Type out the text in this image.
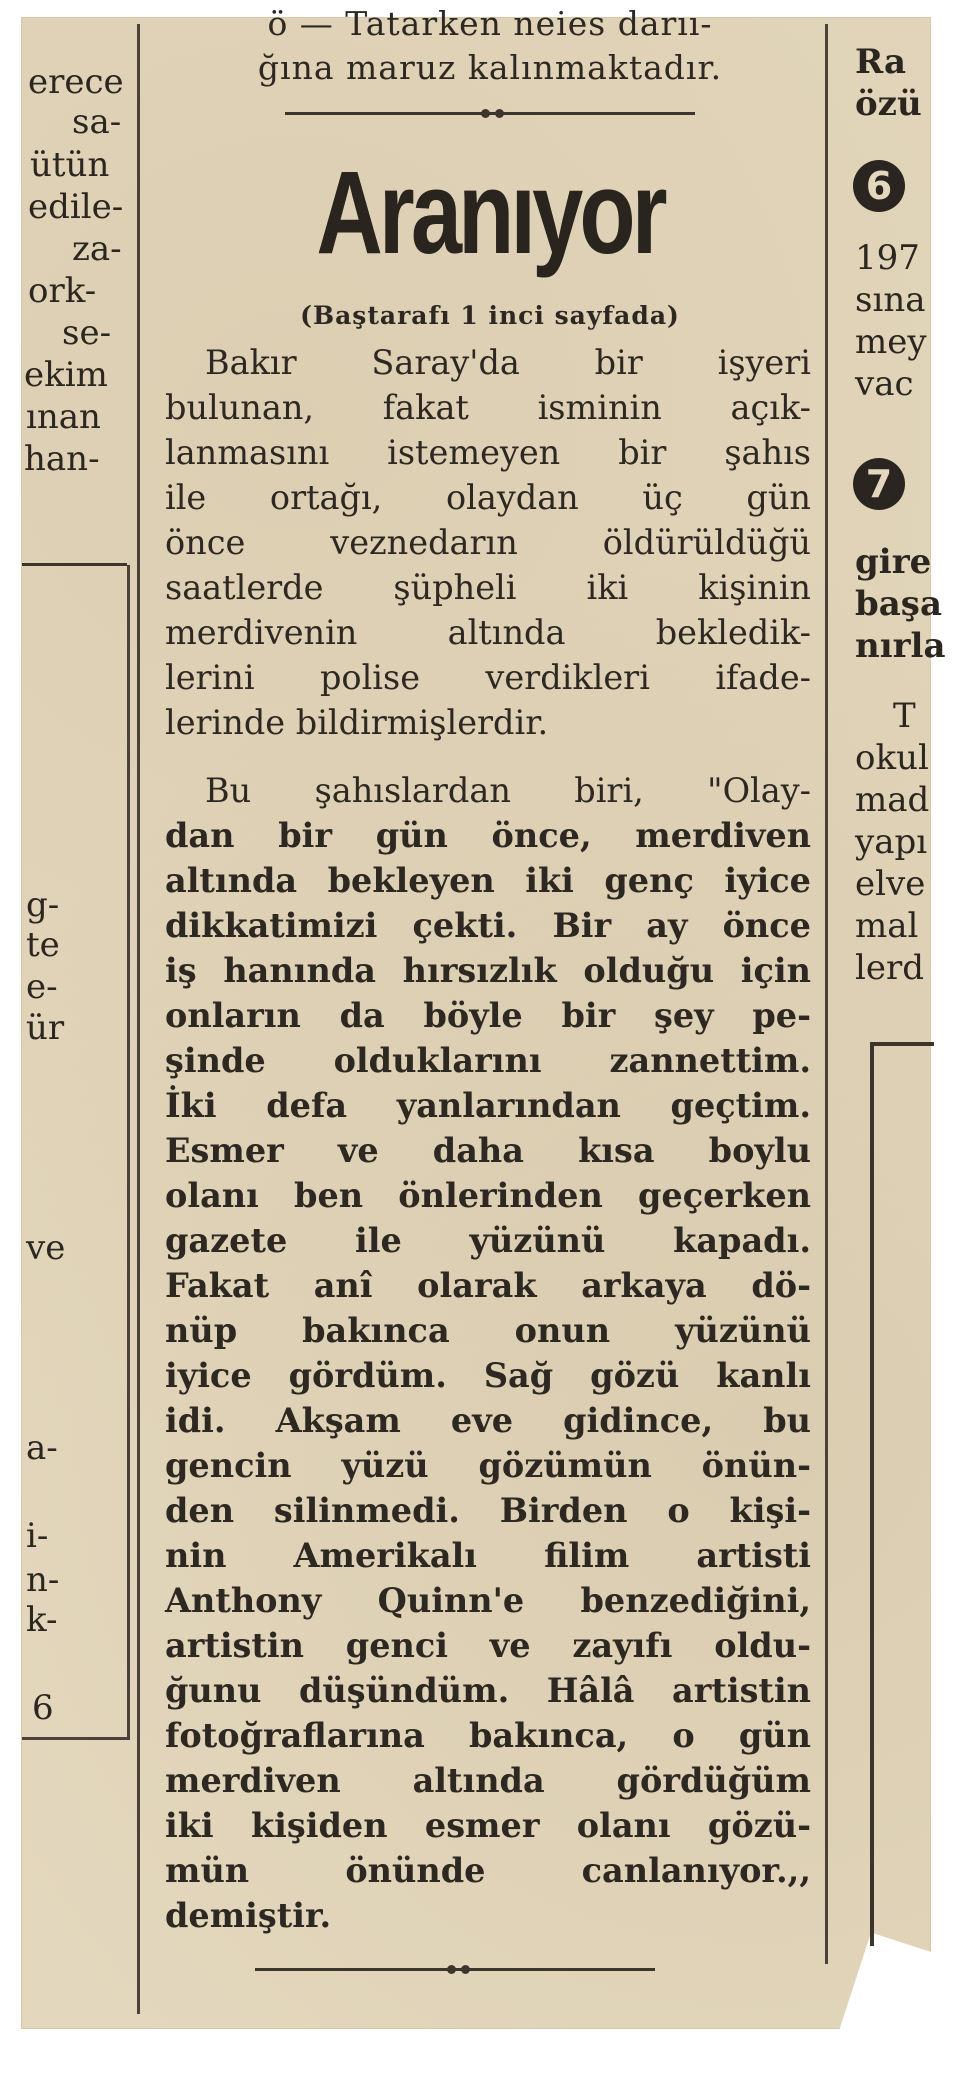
erece
sa-
ütün
edile-
za-
ork-
se-
ekim
ınan
han-
g-
te
e-
ür
ve
a-
i-
n-
k-
6
ö — Tatarken neies darıı-
ğına maruz kalınmaktadır.
Aranıyor
(Baştarafı 1 inci sayfada)
Bakır Saray'da bir işyeri
bulunan, fakat isminin açık-
lanmasını istemeyen bir şahıs
ile ortağı, olaydan üç gün
önce veznedarın öldürüldüğü
saatlerde şüpheli iki kişinin
merdivenin altında bekledik-
lerini polise verdikleri ifade-
lerinde bildirmişlerdir.
Bu şahıslardan biri, "Olay-
dan bir gün önce, merdiven
altında bekleyen iki genç iyice
dikkatimizi çekti. Bir ay önce
iş hanında hırsızlık olduğu için
onların da böyle bir şey pe-
şinde olduklarını zannettim.
İki defa yanlarından geçtim.
Esmer ve daha kısa boylu
olanı ben önlerinden geçerken
gazete ile yüzünü kapadı.
Fakat anî olarak arkaya dö-
nüp bakınca onun yüzünü
iyice gördüm. Sağ gözü kanlı
idi. Akşam eve gidince, bu
gencin yüzü gözümün önün-
den silinmedi. Birden o kişi-
nin Amerikalı filim artisti
Anthony Quinn'e benzediğini,
artistin genci ve zayıfı oldu-
ğunu düşündüm. Hâlâ artistin
fotoğraflarına bakınca, o gün
merdiven altında gördüğüm
iki kişiden esmer olanı gözü-
mün önünde canlanıyor.,,
demiştir.
Ra
özü
6
197
sına
mey
vac
7
gire
başa
nırla
T
okul
mad
yapı
elve
mal
lerd
